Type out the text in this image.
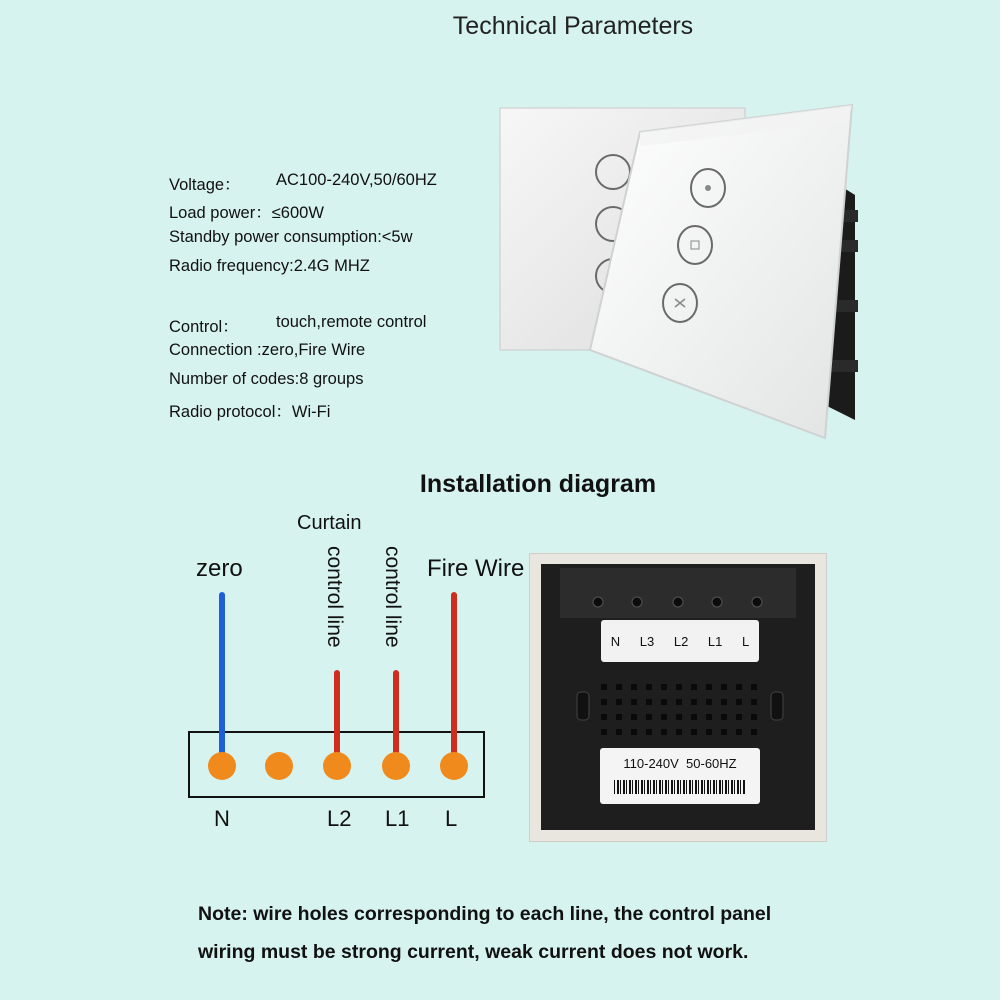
Technical Parameters
Voltage： AC100-240V,50/60HZ
Load power：≤600W
Standby power consumption:<5w
Radio frequency:2.4G MHZ
Control： touch,remote control
Connection :zero,Fire Wire
Number of codes:8 groups
Radio protocol：Wi-Fi
Installation diagram
Curtain
zero	control line control line Fire Wire
N	L2 L1 L
N L3 L2 L1 L
110-240V  50-60HZ
Note: wire holes corresponding to each line, the control panel
wiring must be strong current, weak current does not work.
